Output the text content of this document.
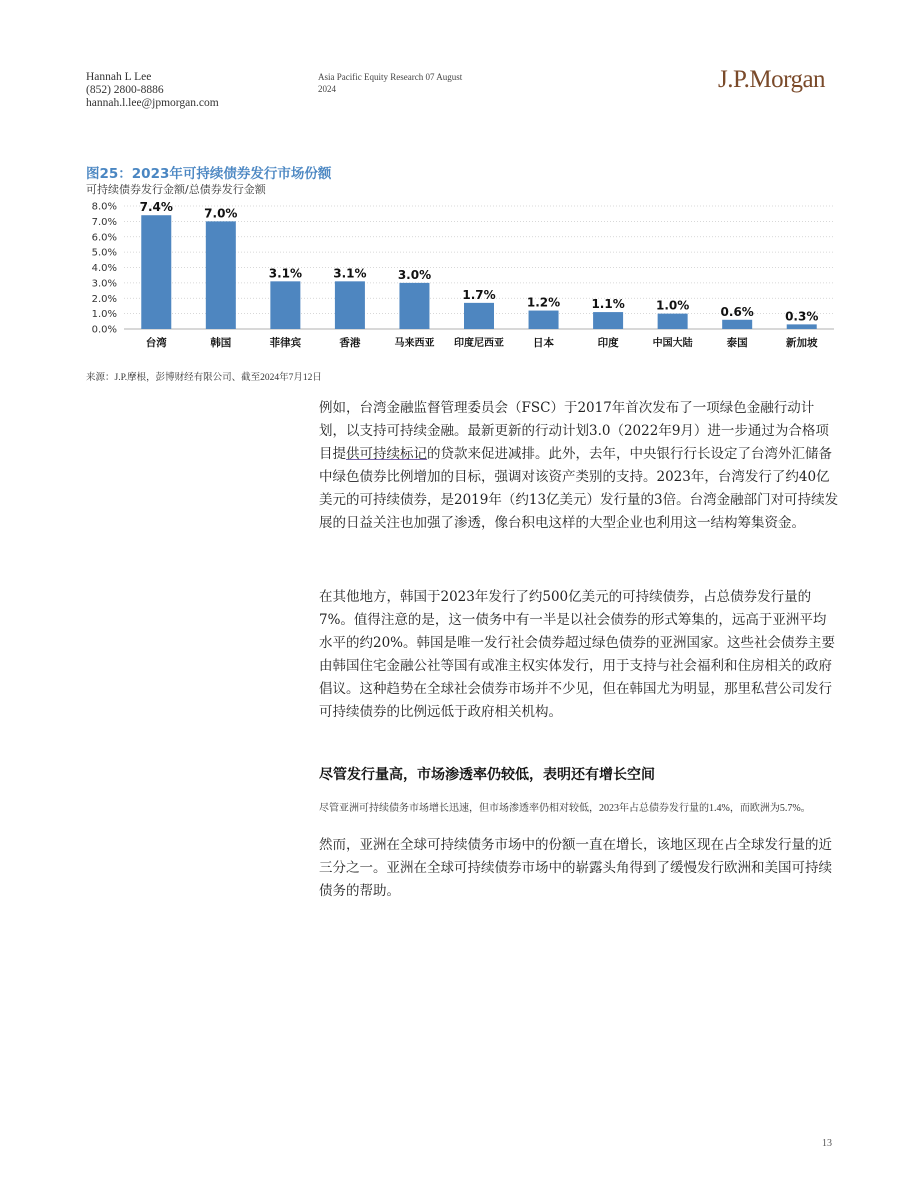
Hannah L Lee
(852) 2800-8886
hannah.l.lee@jpmorgan.com
Asia Pacific Equity Research 07 August 2024	J.P.Morgan
图25：2023年可持续债券发行市场份额
可持续债券发行金额/总债券发行金额
0.0%
1.0%
2.0%
3.0%
4.0%
5.0%
6.0%
7.0%
8.0% 7.4%	7.0%
3.1%	3.1%	3.0%
1.7%
1.2%	1.1%	1.0%	0.6%	0.3%
台湾	韩国	菲律宾	香港	马来西亚 印度尼西亚	日本	印度	中国大陆	泰国	新加坡
来源：J.P.摩根，彭博财经有限公司、截至2024年7月12日

例如，台湾金融监督管理委员会（FSC）于2017年首次发布了一项绿色金融行动计划，以支持可持续金融。最新更新的行动计划3.0（2022年9月）进一步通过为合格项目提供可持续标记的贷款来促进减排。此外，去年，中央银行行长设定了台湾外汇储备中绿色债券比例增加的目标，强调对该资产类别的支持。2023年，台湾发行了约40亿美元的可持续债券，是2019年（约13亿美元）发行量的3倍。台湾金融部门对可持续发展的日益关注也加强了渗透，像台积电这样的大型企业也利用这一结构筹集资金。

在其他地方，韩国于2023年发行了约500亿美元的可持续债券，占总债券发行量的7%。值得注意的是，这一债务中有一半是以社会债券的形式筹集的，远高于亚洲平均水平的约20%。韩国是唯一发行社会债券超过绿色债券的亚洲国家。这些社会债券主要由韩国住宅金融公社等国有或准主权实体发行，用于支持与社会福利和住房相关的政府倡议。这种趋势在全球社会债券市场并不少见，但在韩国尤为明显，那里私营公司发行可持续债券的比例远低于政府相关机构。

尽管发行量高，市场渗透率仍较低，表明还有增长空间

尽管亚洲可持续债务市场增长迅速，但市场渗透率仍相对较低，2023年占总债券发行量的1.4%，而欧洲为5.7%。

然而，亚洲在全球可持续债务市场中的份额一直在增长，该地区现在占全球发行量的近三分之一。亚洲在全球可持续债券市场中的崭露头角得到了缓慢发行欧洲和美国可持续债务的帮助。

13
